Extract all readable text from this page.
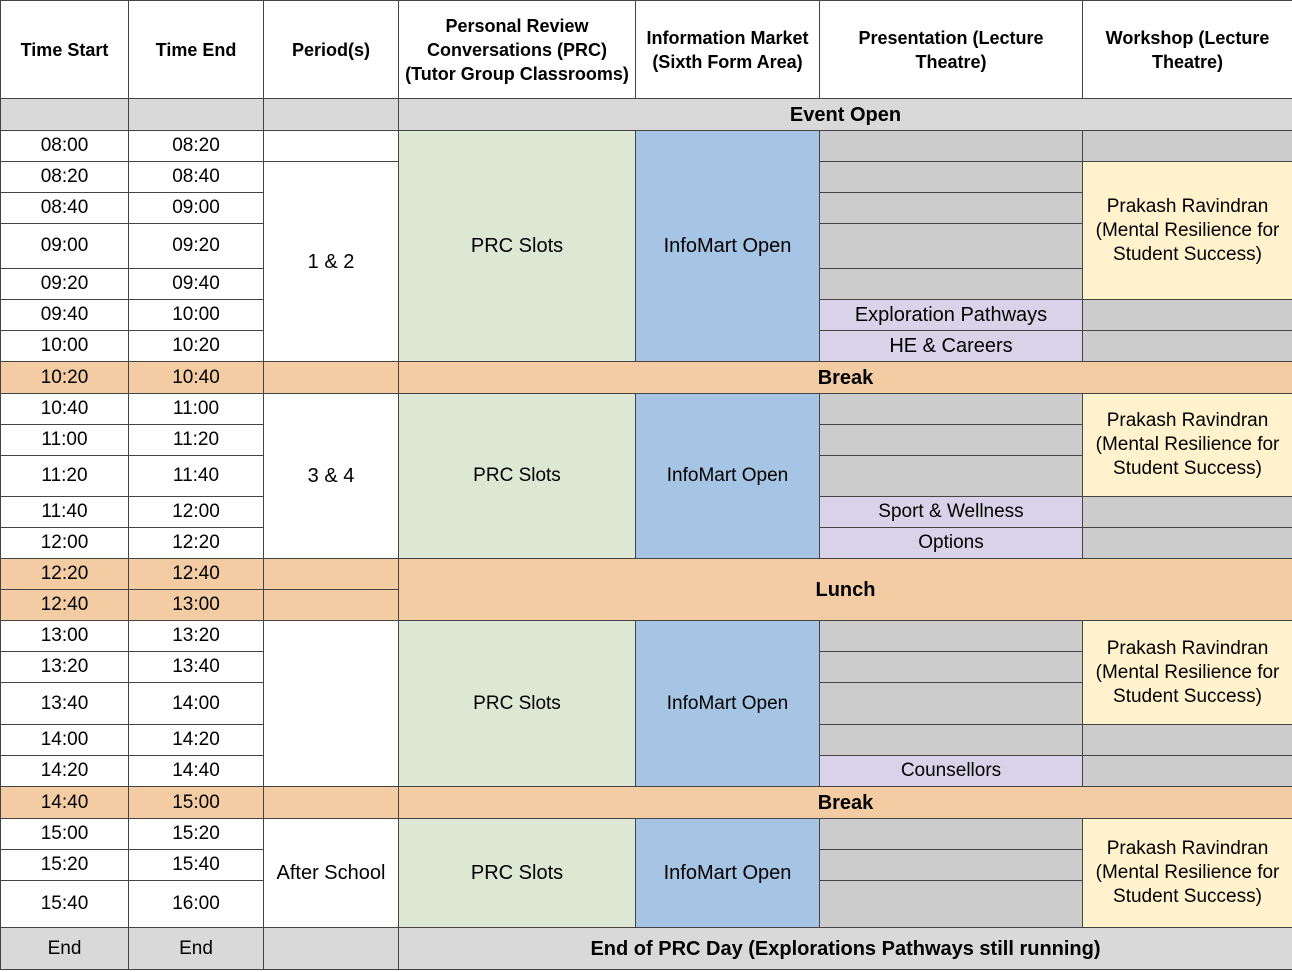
Time Start	Time End	Period(s)	Personal Review Conversations (PRC) (Tutor Group Classrooms)	Information Market (Sixth Form Area)	Presentation (Lecture Theatre)	Workshop (Lecture Theatre)
			Event Open			
08:00	08:20		PRC Slots	InfoMart Open		
08:20	08:40	1 & 2				Prakash Ravindran (Mental Resilience for Student Success)
08:40	09:00					
09:00	09:20					
09:20	09:40					
09:40	10:00				Exploration Pathways	
10:00	10:20				HE & Careers	
10:20	10:40		Break			
10:40	11:00	3 & 4	PRC Slots	InfoMart Open		Prakash Ravindran (Mental Resilience for Student Success)
11:00	11:20					
11:20	11:40					
11:40	12:00				Sport & Wellness	
12:00	12:20				Options	
12:20	12:40		Lunch			
12:40	13:00					
13:00	13:20		PRC Slots	InfoMart Open		Prakash Ravindran (Mental Resilience for Student Success)
13:20	13:40					
13:40	14:00					
14:00	14:20					
14:20	14:40				Counsellors	
14:40	15:00		Break			
15:00	15:20	After School	PRC Slots	InfoMart Open		Prakash Ravindran (Mental Resilience for Student Success)
15:20	15:40					
15:40	16:00					
End	End		End of PRC Day (Explorations Pathways still running)			
